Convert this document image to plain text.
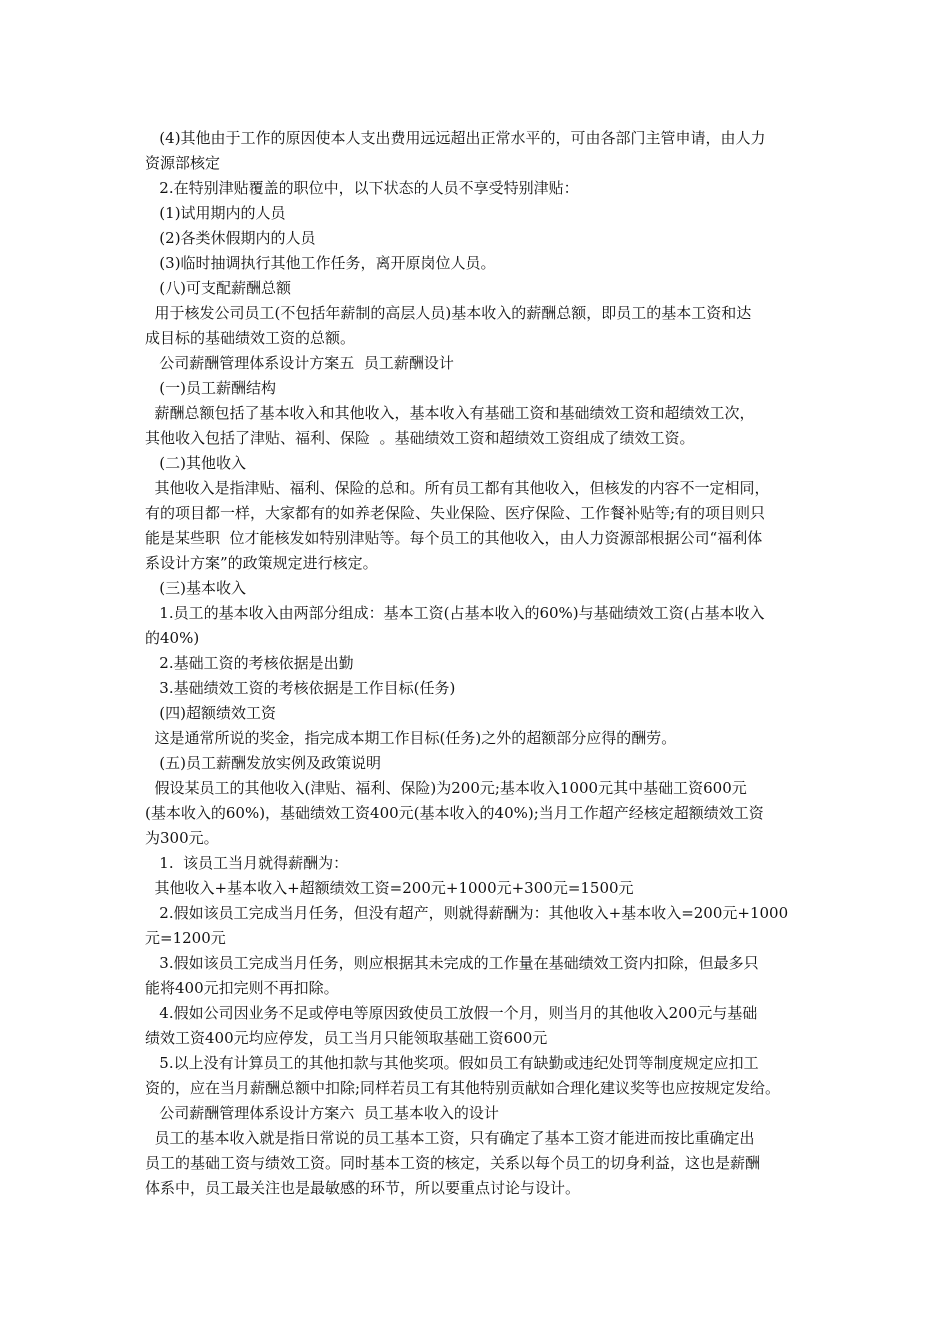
(4)其他由于工作的原因使本人支出费用远远超出正常水平的，可由各部门主管申请，由人力
资源部核定
2.在特别津贴覆盖的职位中，以下状态的人员不享受特别津贴：
(1)试用期内的人员
(2)各类休假期内的人员
(3)临时抽调执行其他工作任务，离开原岗位人员。
(八)可支配薪酬总额
用于核发公司员工(不包括年薪制的高层人员)基本收入的薪酬总额，即员工的基本工资和达
成目标的基础绩效工资的总额。
公司薪酬管理体系设计方案五  员工薪酬设计
(一)员工薪酬结构
薪酬总额包括了基本收入和其他收入，基本收入有基础工资和基础绩效工资和超绩效工次，
其他收入包括了津贴、福利、保险  。基础绩效工资和超绩效工资组成了绩效工资。
(二)其他收入
其他收入是指津贴、福利、保险的总和。所有员工都有其他收入，但核发的内容不一定相同，
有的项目都一样，大家都有的如养老保险、失业保险、医疗保险、工作餐补贴等;有的项目则只
能是某些职  位才能核发如特别津贴等。每个员工的其他收入，由人力资源部根据公司“福利体
系设计方案”的政策规定进行核定。
(三)基本收入
1.员工的基本收入由两部分组成：基本工资(占基本收入的60%)与基础绩效工资(占基本收入
的40%)
2.基础工资的考核依据是出勤
3.基础绩效工资的考核依据是工作目标(任务)
(四)超额绩效工资
这是通常所说的奖金，指完成本期工作目标(任务)之外的超额部分应得的酬劳。
(五)员工薪酬发放实例及政策说明
假设某员工的其他收入(津贴、福利、保险)为200元;基本收入1000元其中基础工资600元
(基本收入的60%)，基础绩效工资400元(基本收入的40%);当月工作超产经核定超额绩效工资
为300元。
1.  该员工当月就得薪酬为：
其他收入+基本收入+超额绩效工资=200元+1000元+300元=1500元
2.假如该员工完成当月任务，但没有超产，则就得薪酬为：其他收入+基本收入=200元+1000
元=1200元
3.假如该员工完成当月任务，则应根据其未完成的工作量在基础绩效工资内扣除，但最多只
能将400元扣完则不再扣除。
4.假如公司因业务不足或停电等原因致使员工放假一个月，则当月的其他收入200元与基础
绩效工资400元均应停发，员工当月只能领取基础工资600元
5.以上没有计算员工的其他扣款与其他奖项。假如员工有缺勤或违纪处罚等制度规定应扣工
资的，应在当月薪酬总额中扣除;同样若员工有其他特别贡献如合理化建议奖等也应按规定发给。
公司薪酬管理体系设计方案六  员工基本收入的设计
员工的基本收入就是指日常说的员工基本工资，只有确定了基本工资才能进而按比重确定出
员工的基础工资与绩效工资。同时基本工资的核定，关系以每个员工的切身利益，这也是薪酬
体系中，员工最关注也是最敏感的环节，所以要重点讨论与设计。
